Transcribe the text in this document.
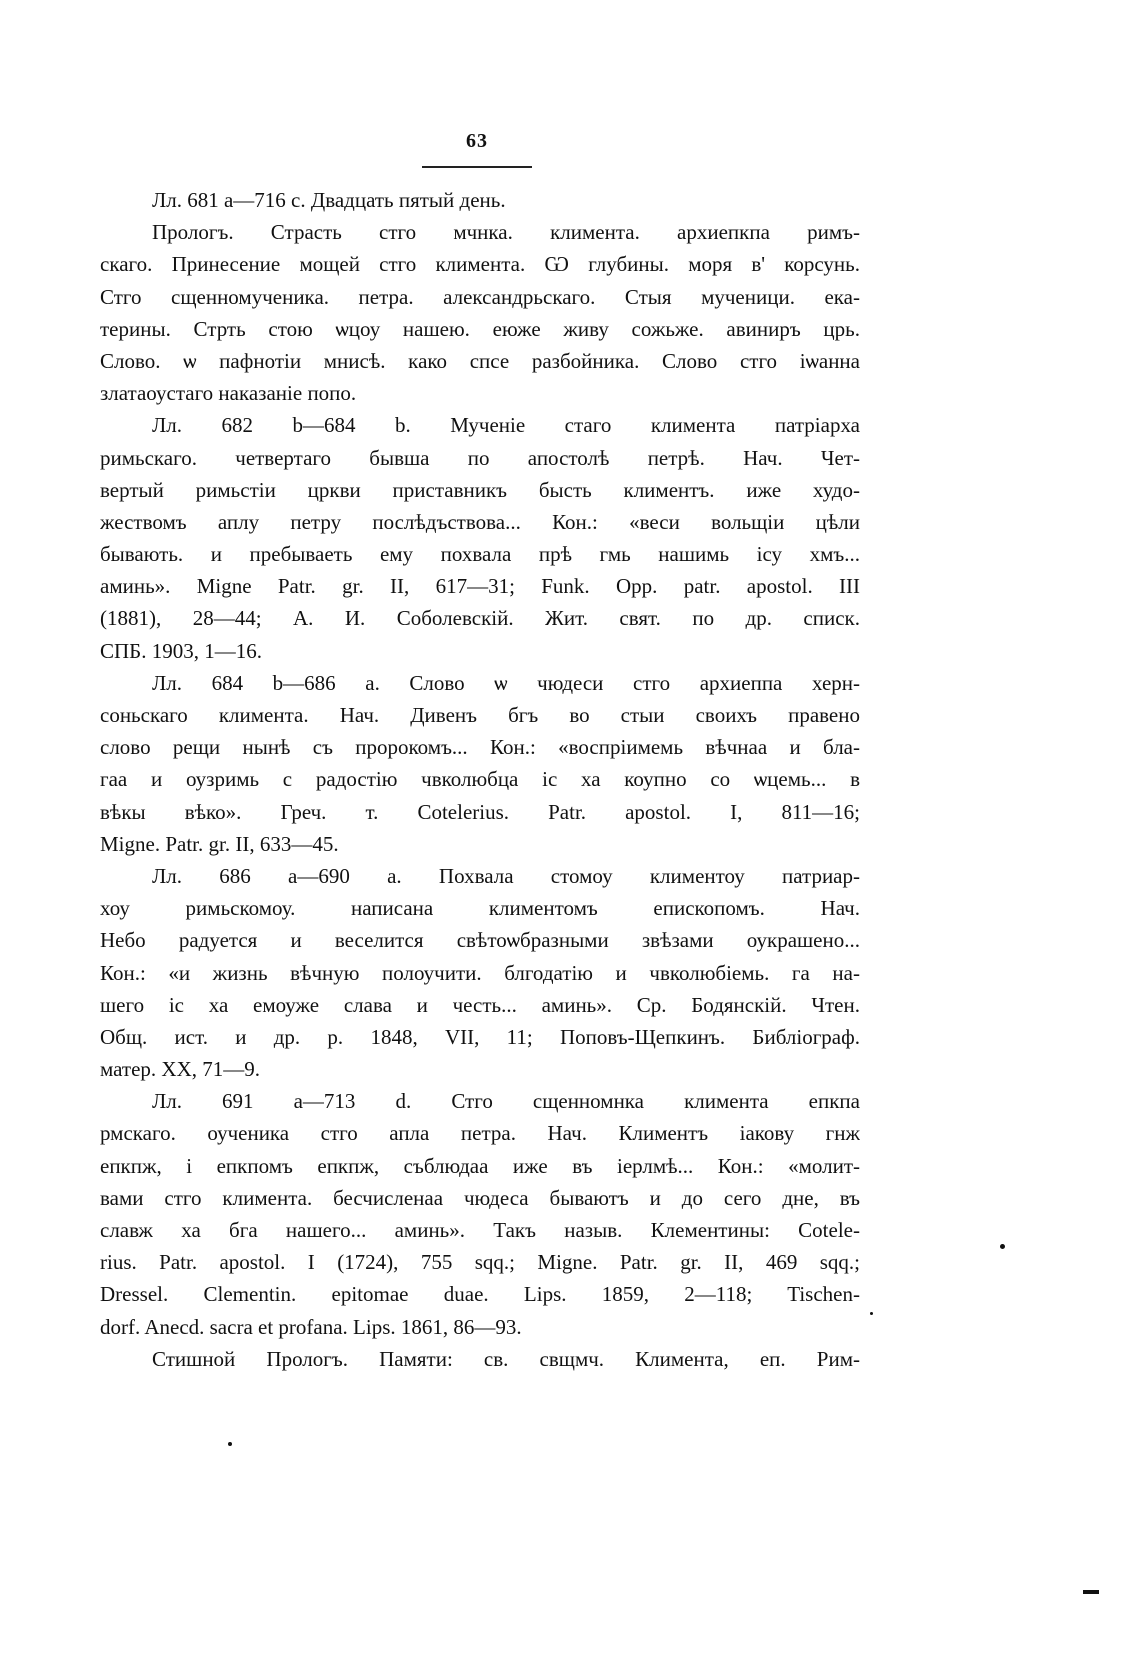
63
Лл. 681 a—716 c. Двадцать пятый день.
Прологъ. Страсть стго мчнка. климента. архиепкпа римъ-
скаго. Принесение мощей стго климента. Ѡ глубины. моря в' корсунь.
Стго сщенномученика. петра. александрьскаго. Стыя мученици. ека-
терины. Стрть стою ѡцоу нашею. еюже живу сожьже. авиниръ црь.
Слово. ѡ пафнотiи мнисѣ. како спсе разбойника. Слово стго iѡанна
златаоустаго наказанiе попо.
Лл. 682 b—684 b. Мученiе стаго климента патрiарха
римьскаго. четвертаго бывша по апостолѣ петрѣ. Нач. Чет-
вертый римьстiи цркви приставникъ бысть климентъ. иже худо-
жествомъ аплу петру послѣдъствова... Кон.: «веси вольщiи цѣли
бывають. и пребываеть ему похвала прѣ гмь нашимь ісу хмъ...
аминь». Migne Patr. gr. II, 617—31; Funk. Opp. patr. apostol. III
(1881), 28—44; А. И. Соболевскій. Жит. свят. по др. списк.
СПБ. 1903, 1—16.
Лл. 684 b—686 a. Слово ѡ чюдеси стго архиеппа херн-
соньскаго климента. Нач. Дивенъ бгъ во стыи своихъ правено
слово рещи нынѣ съ пророкомъ... Кон.: «воспрiимемь вѣчнаа и бла-
гаа и оузримь с радостiю чвколюбца іс ха коупно со ѡцемь... в
вѣкы вѣко». Греч. т. Cotelerius. Patr. apostol. I, 811—16;
Migne. Patr. gr. II, 633—45.
Лл. 686 a—690 a. Похвала стомоу климентоу патриар-
хоу римьскомоу. написана климентомъ епископомъ. Нач.
Небо радуется и веселится свѣтоѡбразными звѣзами оукрашено...
Кон.: «и жизнь вѣчную полоучити. блгодатiю и чвколюбiемь. га на-
шего іс ха емоуже слава и честь... аминь». Ср. Бодянскій. Чтен.
Общ. ист. и др. р. 1848, VII, 11; Поповъ-Щепкинъ. Библіограф.
матер. XX, 71—9.
Лл. 691 a—713 d. Стго сщенномнка климента епкпа
рмскаго. оученика стго апла петра. Нач. Климентъ iакову гнж
епкпж, і епкпомъ епкпж, съблюдаа иже въ iерлмѣ... Кон.: «молит-
вами стго климента. бесчисленаа чюдеса бываютъ и до сего дне, въ
славж ха бга нашего... аминь». Такъ назыв. Клементины: Cotele-
rius. Patr. apostol. I (1724), 755 sqq.; Migne. Patr. gr. II, 469 sqq.;
Dressel. Clementin. epitomae duae. Lips. 1859, 2—118; Tischen-
dorf. Anecd. sacra et profana. Lips. 1861, 86—93.
Стишной Прологъ. Памяти: св. свщмч. Климента, еп. Рим-
